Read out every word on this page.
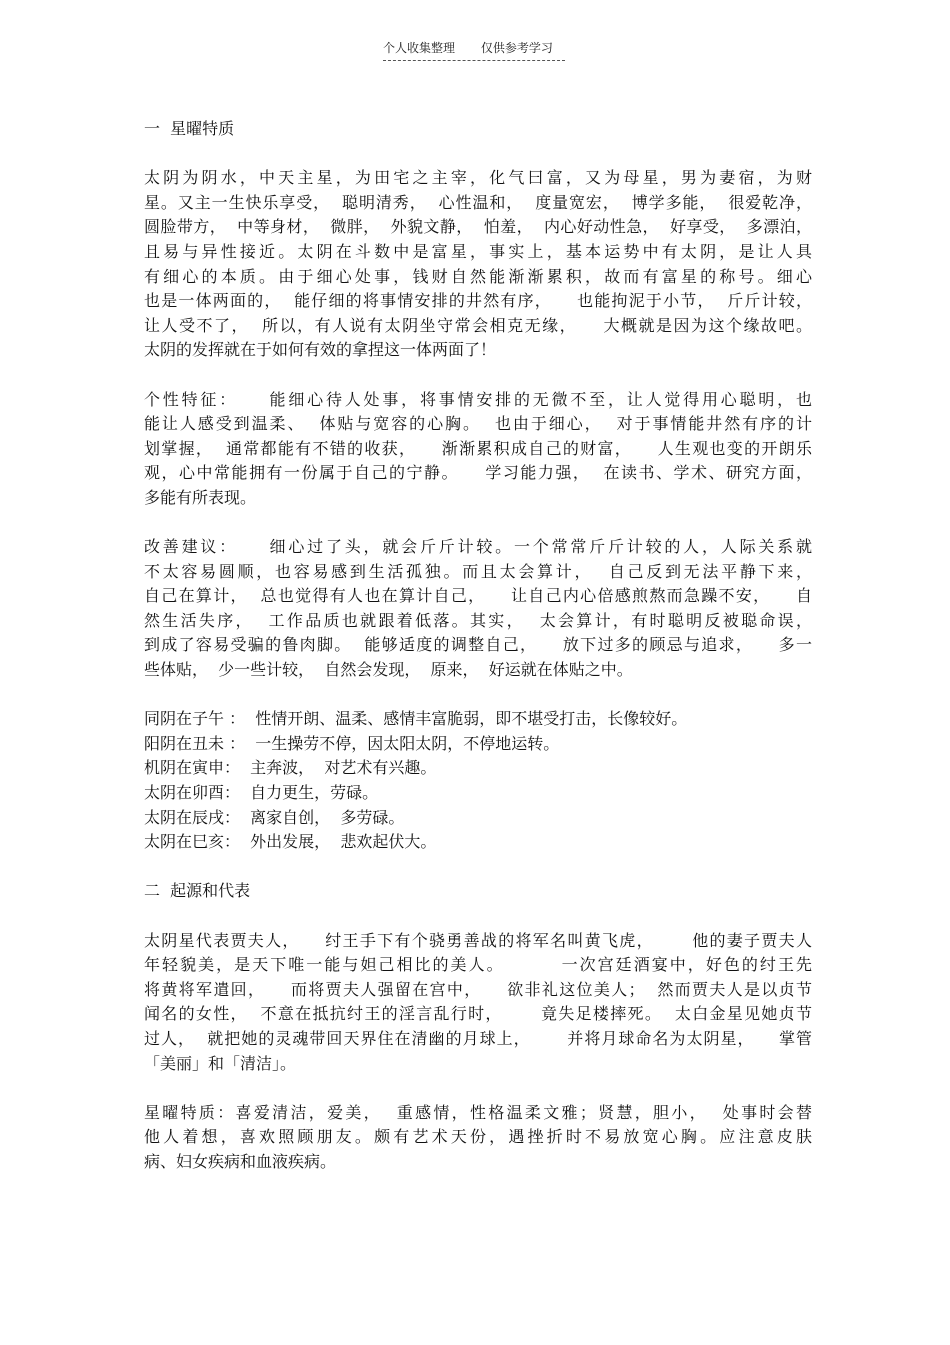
个人收集整理 仅供参考学习
一  星曜特质
太阴为阴水，中天主星，为田宅之主宰，化气曰富，又为母星，男为妻宿，为财
星。又主一生快乐享受，  聪明清秀，  心性温和，  度量宽宏，  博学多能，  很爱乾净，
圆脸带方，  中等身材，  微胖，  外貌文静，  怕羞，  内心好动性急，  好享受，  多漂泊，
且易与异性接近。太阴在斗数中是富星，事实上，基本运势中有太阴，是让人具
有细心的本质。由于细心处事，钱财自然能渐渐累积，故而有富星的称号。细心
也是一体两面的，  能仔细的将事情安排的井然有序，    也能拘泥于小节，  斤斤计较，
让人受不了，  所以，有人说有太阴坐守常会相克无缘，    大概就是因为这个缘故吧。
太阴的发挥就在于如何有效的拿捏这一体两面了！
个性特征：    能细心待人处事，将事情安排的无微不至，让人觉得用心聪明，也
能让人感受到温柔、  体贴与宽容的心胸。  也由于细心，  对于事情能井然有序的计
划掌握，  通常都能有不错的收获，    渐渐累积成自己的财富，    人生观也变的开朗乐
观，心中常能拥有一份属于自己的宁静。    学习能力强，  在读书、学术、研究方面，
多能有所表现。
改善建议：    细心过了头，就会斤斤计较。一个常常斤斤计较的人，人际关系就
不太容易圆顺，也容易感到生活孤独。而且太会算计，  自己反到无法平静下来，
自己在算计，  总也觉得有人也在算计自己，    让自己内心倍感煎熬而急躁不安，    自
然生活失序，  工作品质也就跟着低落。其实，  太会算计，有时聪明反被聪命误，
到成了容易受骗的鲁肉脚。  能够适度的调整自己，    放下过多的顾忌与追求，    多一
些体贴，  少一些计较，  自然会发现，  原来，  好运就在体贴之中。
同阴在子午 ：  性情开朗、温柔、感情丰富脆弱，即不堪受打击，长像较好。
阳阴在丑未 ：  一生操劳不停，因太阳太阴，不停地运转。
机阴在寅申：  主奔波，  对艺术有兴趣。
太阴在卯酉：  自力更生，劳碌。
太阴在辰戌：  离家自创，  多劳碌。
太阴在巳亥：  外出发展，  悲欢起伏大。
二  起源和代表
太阴星代表贾夫人，    纣王手下有个骁勇善战的将军名叫黄飞虎，      他的妻子贾夫人
年轻貌美，是天下唯一能与妲己相比的美人。        一次宫廷酒宴中，好色的纣王先
将黄将军遣回，    而将贾夫人强留在宫中，    欲非礼这位美人；  然而贾夫人是以贞节
闻名的女性，  不意在抵抗纣王的淫言乱行时，      竟失足楼摔死。  太白金星见她贞节
过人，  就把她的灵魂带回天界住在清幽的月球上，      并将月球命名为太阴星，    掌管
「美丽」和「清洁」。
星曜特质：喜爱清洁，爱美，  重感情，性格温柔文雅；贤慧，胆小，  处事时会替
他人着想，喜欢照顾朋友。颇有艺术天份，遇挫折时不易放宽心胸。应注意皮肤
病、妇女疾病和血液疾病。
